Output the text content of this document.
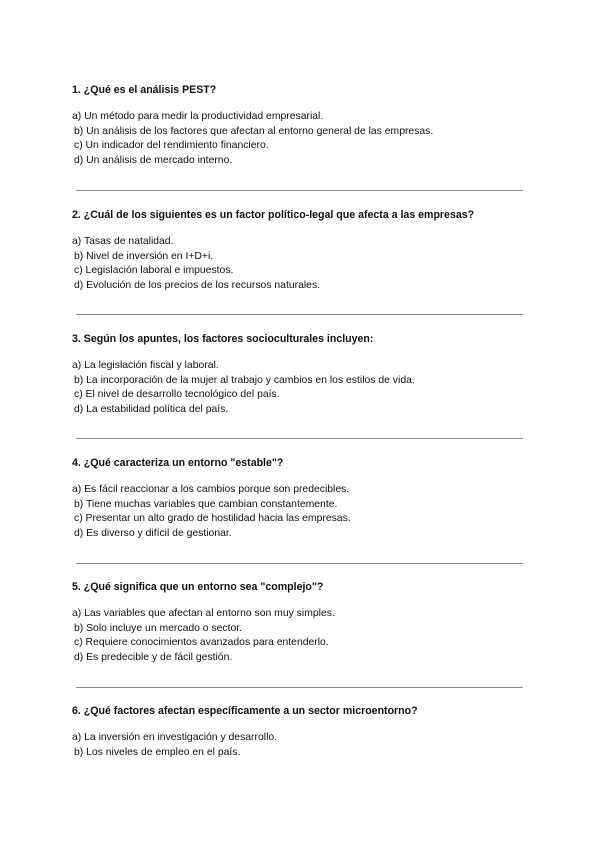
1. ¿Qué es el análisis PEST?

a) Un método para medir la productividad empresarial.
b) Un análisis de los factores que afectan al entorno general de las empresas.
c) Un indicador del rendimiento financiero.
d) Un análisis de mercado interno.

2. ¿Cuál de los siguientes es un factor político-legal que afecta a las empresas?

a) Tasas de natalidad.
b) Nivel de inversión en I+D+i.
c) Legislación laboral e impuestos.
d) Evolución de los precios de los recursos naturales.

3. Según los apuntes, los factores socioculturales incluyen:

a) La legislación fiscal y laboral.
b) La incorporación de la mujer al trabajo y cambios en los estilos de vida.
c) El nivel de desarrollo tecnológico del país.
d) La estabilidad política del país.

4. ¿Qué caracteriza un entorno "estable"?

a) Es fácil reaccionar a los cambios porque son predecibles.
b) Tiene muchas variables que cambian constantemente.
c) Presentar un alto grado de hostilidad hacia las empresas.
d) Es diverso y difícil de gestionar.

5. ¿Qué significa que un entorno sea "complejo"?

a) Las variables que afectan al entorno son muy simples.
b) Solo incluye un mercado o sector.
c) Requiere conocimientos avanzados para entenderlo.
d) Es predecible y de fácil gestión.

6. ¿Qué factores afectan específicamente a un sector microentorno?

a) La inversión en investigación y desarrollo.
b) Los niveles de empleo en el país.
